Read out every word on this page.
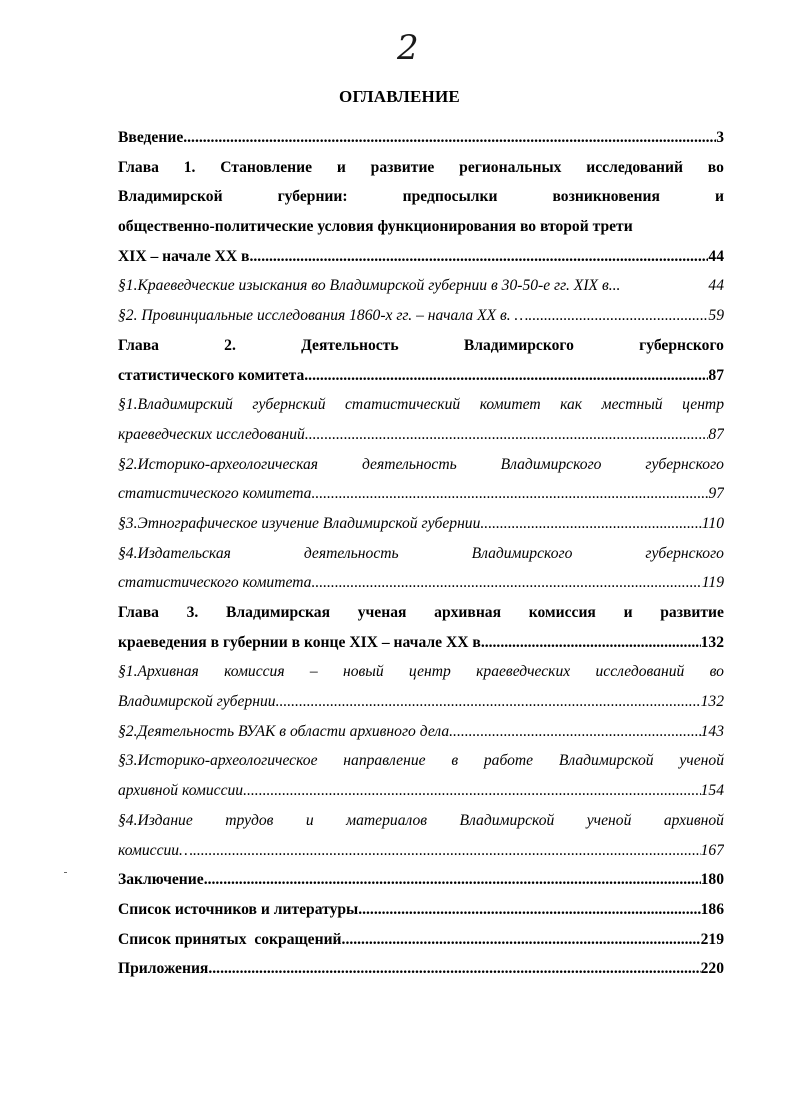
2
ОГЛАВЛЕНИЕ
Введение .....	3
Глава 1. Становление и развитие региональных исследований во
Владимирской	губернии:	предпосылки	возникновения	и
общественно-политические условия функционирования во второй трети
XIX – начале XX в. .....	44
§1.Краеведческие изыскания во Владимирской губернии в 30-50-е гг. XIX в...	44
§2. Провинциальные исследования 1860-х гг. – начала XX в. … .....	59
Глава	2.	Деятельность	Владимирского	губернского
статистического комитета .....	87
§1.Владимирский губернский статистический комитет как местный центр
краеведческих исследований .....	87
§2.Историко-археологическая	деятельность	Владимирского	губернского
статистического комитета .....	97
§3.Этнографическое изучение Владимирской губернии .....	110
§4.Издательская	деятельность	Владимирского	губернского
статистического комитета .....	119
Глава 3. Владимирская ученая архивная комиссия и развитие
краеведения в губернии в конце XIX – начале XX в. .....	132
§1.Архивная комиссия – новый центр краеведческих исследований во
Владимирской губернии .....	132
§2.Деятельность ВУАК в области архивного дела .....	143
§3.Историко-археологическое направление в работе Владимирской ученой
архивной комиссии .....	154
§4.Издание трудов и материалов Владимирской ученой архивной
комиссии… .....	167
Заключение .....	180
Список источников и литературы .....	186
Список принятых  сокращений .....	219
Приложения .....	220
